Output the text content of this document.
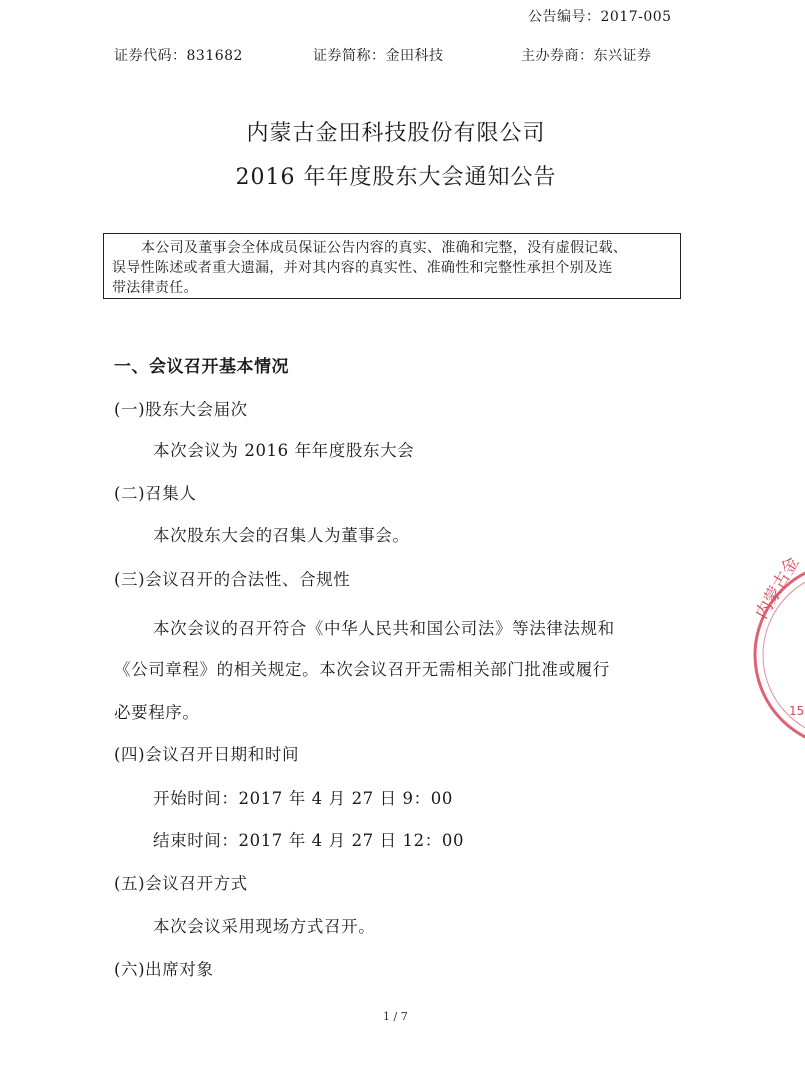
公告编号：2017-005
证券代码：831682	证券简称：金田科技	主办券商：东兴证券
内蒙古金田科技股份有限公司
2016 年年度股东大会通知公告
本公司及董事会全体成员保证公告内容的真实、准确和完整，没有虚假记载、
误导性陈述或者重大遗漏，并对其内容的真实性、准确性和完整性承担个别及连
带法律责任。
一、会议召开基本情况
(一)股东大会届次
本次会议为 2016 年年度股东大会
(二)召集人
本次股东大会的召集人为董事会。
(三)会议召开的合法性、合规性
本次会议的召开符合《中华人民共和国公司法》等法律法规和
《公司章程》的相关规定。本次会议召开无需相关部门批准或履行
必要程序。
(四)会议召开日期和时间
开始时间：2017 年 4 月 27 日 9：00
结束时间：2017 年 4 月 27 日 12：00
(五)会议召开方式
本次会议采用现场方式召开。
(六)出席对象
内蒙古金
15
1 / 7
